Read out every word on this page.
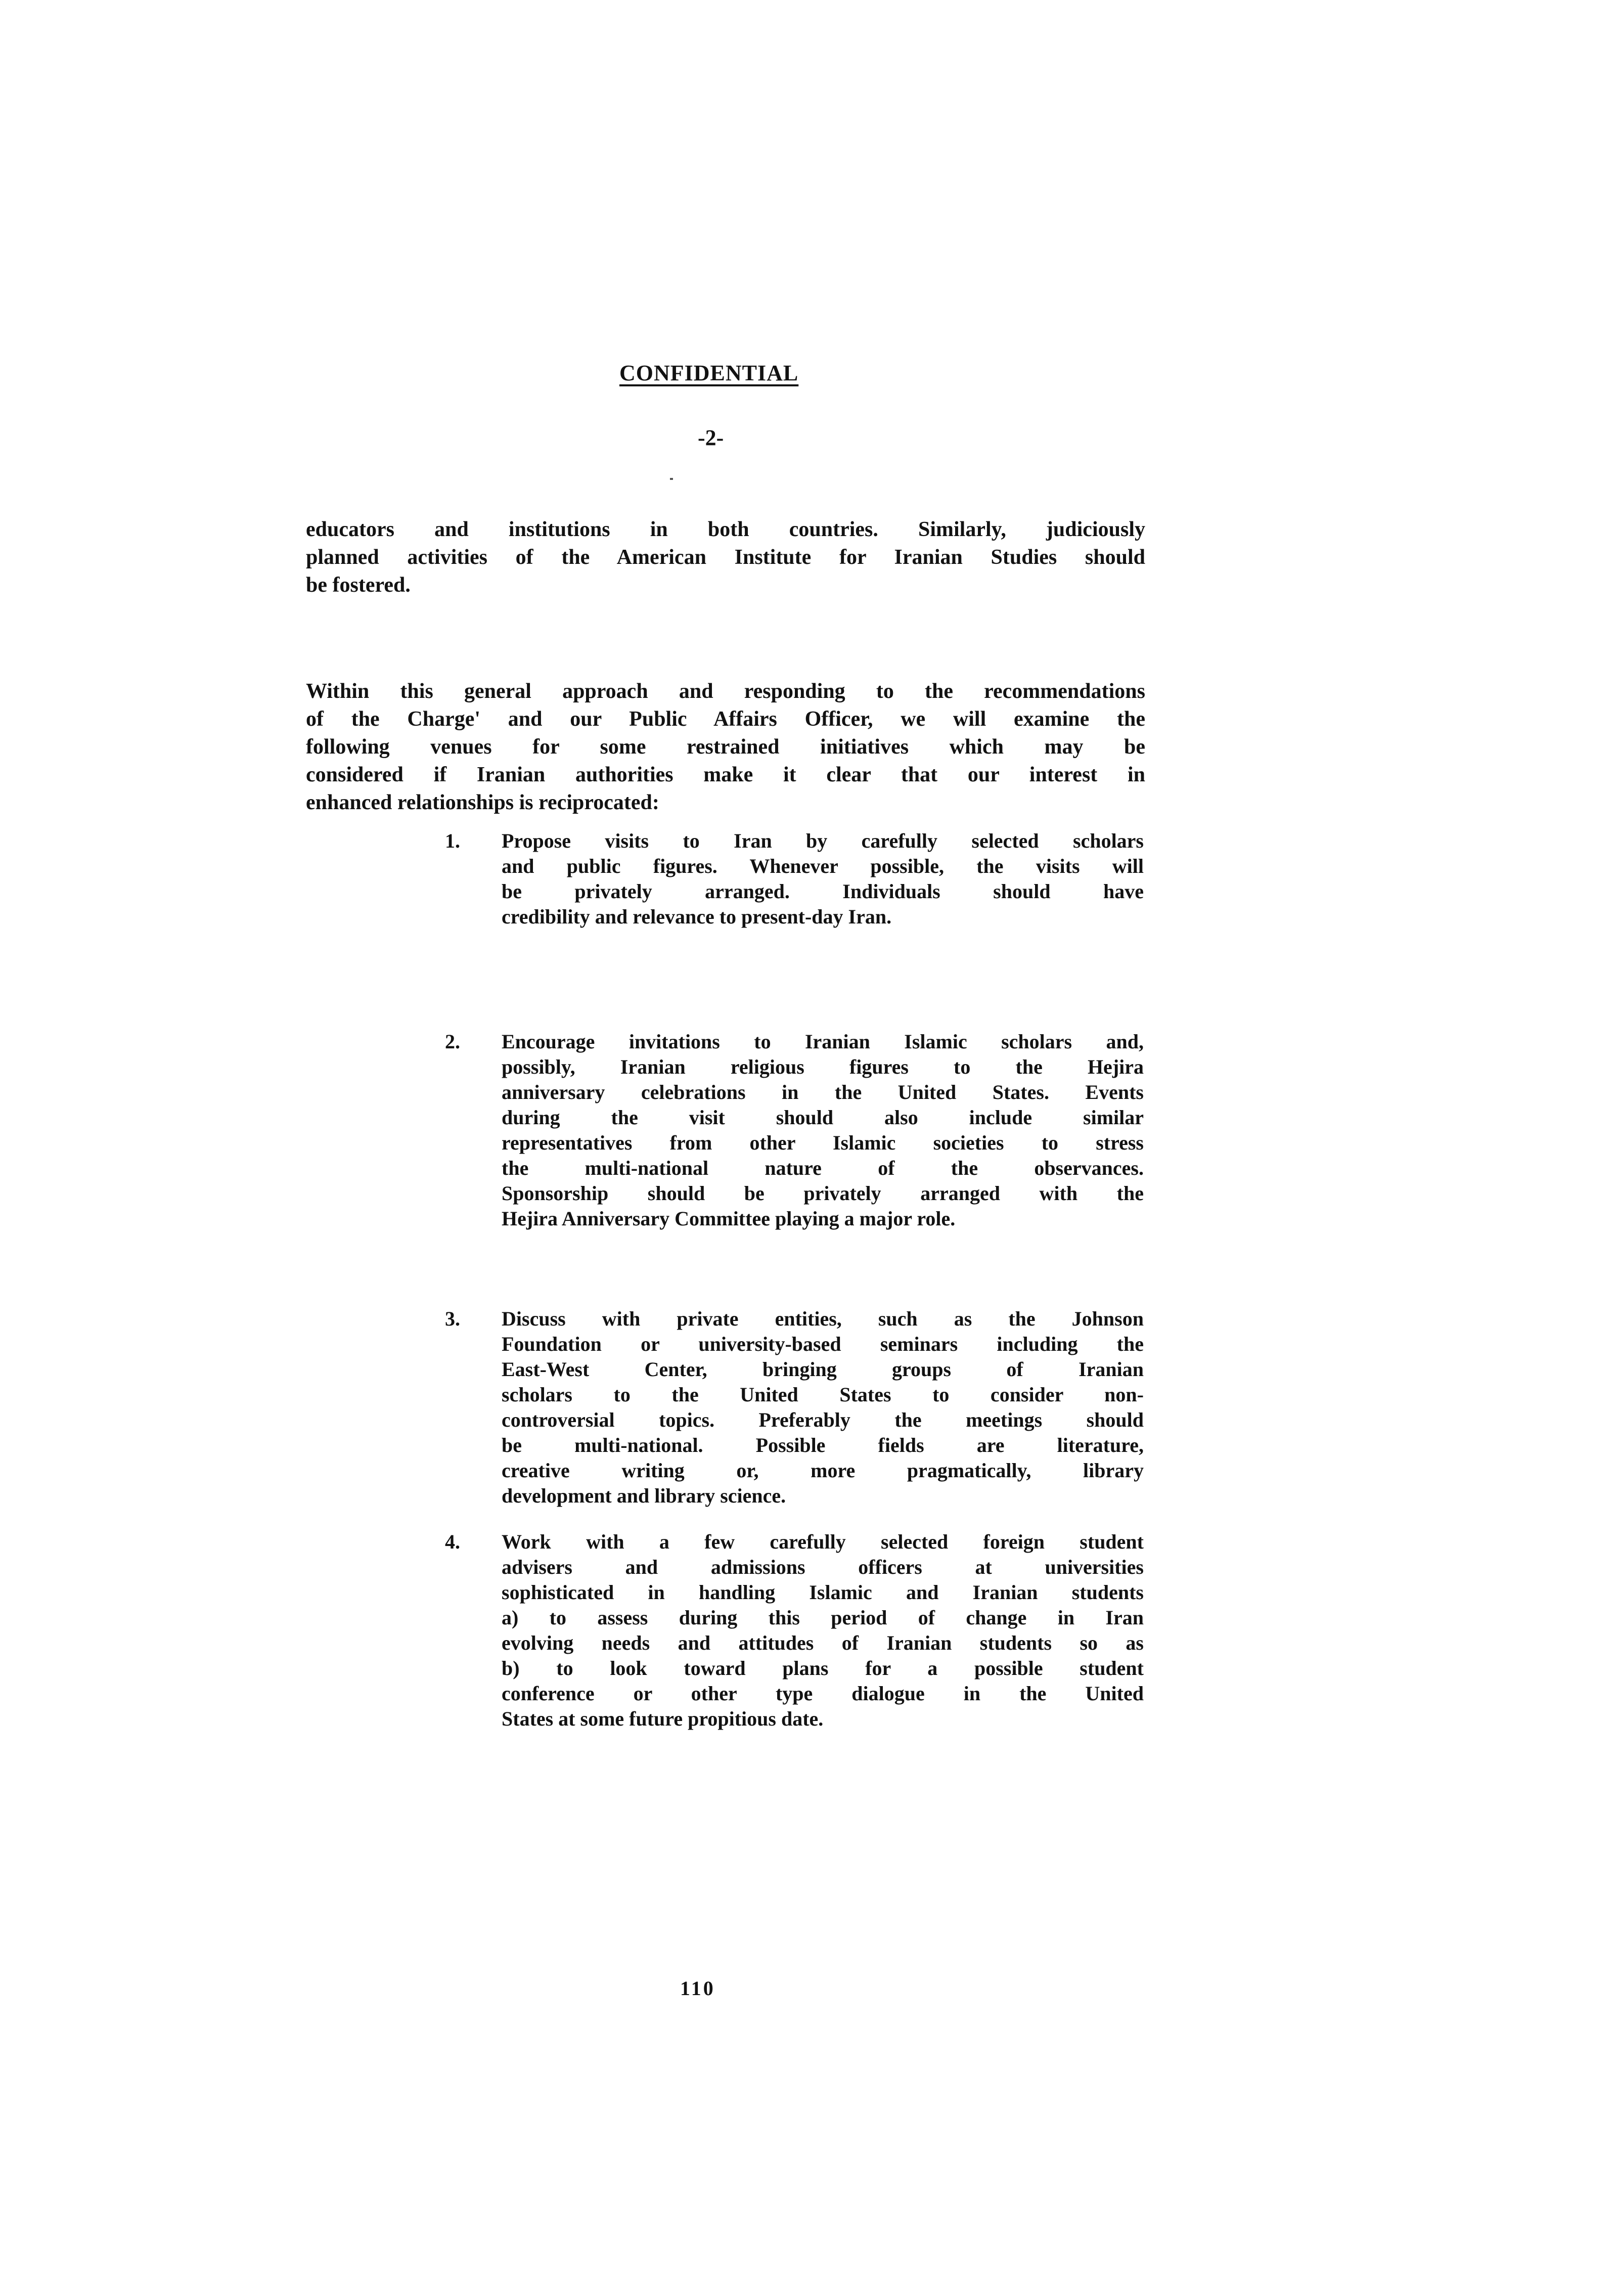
CONFIDENTIAL
-2-
educators and institutions in both countries. Similarly, judiciously
planned activities of the American Institute for Iranian Studies should
be fostered.
Within this general approach and responding to the recommendations
of the Charge' and our Public Affairs Officer, we will examine the
following venues for some restrained initiatives which may be
considered if Iranian authorities make it clear that our interest in
enhanced relationships is reciprocated:
1.	Propose visits to Iran by carefully selected scholars
and public figures. Whenever possible, the visits will
be privately arranged. Individuals should have
credibility and relevance to present-day Iran.
2.	Encourage invitations to Iranian Islamic scholars and,
possibly, Iranian religious figures to the Hejira
anniversary celebrations in the United States. Events
during the visit should also include similar
representatives from other Islamic societies to stress
the multi-national nature of the observances.
Sponsorship should be privately arranged with the
Hejira Anniversary Committee playing a major role.
3.	Discuss with private entities, such as the Johnson
Foundation or university-based seminars including the
East-West Center, bringing groups of Iranian
scholars to the United States to consider non-
controversial topics. Preferably the meetings should
be multi-national. Possible fields are literature,
creative writing or, more pragmatically, library
development and library science.
4.	Work with a few carefully selected foreign student
advisers and admissions officers at universities
sophisticated in handling Islamic and Iranian students
a) to assess during this period of change in Iran
evolving needs and attitudes of Iranian students so as
b) to look toward plans for a possible student
conference or other type dialogue in the United
States at some future propitious date.
110
